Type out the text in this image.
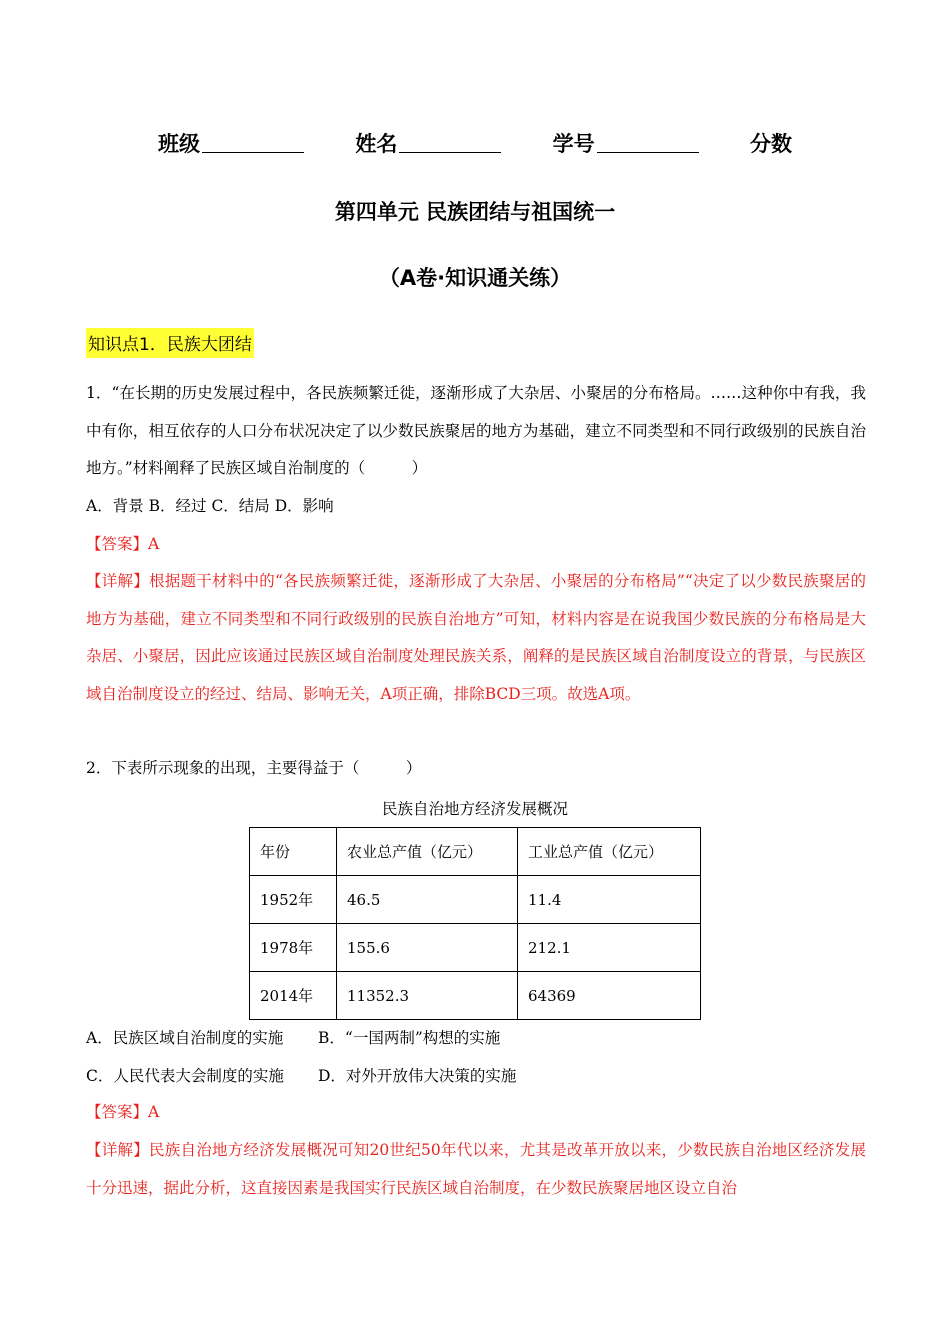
班级	姓名	学号	分数
第四单元 民族团结与祖国统一
（A卷·知识通关练）
知识点1．民族大团结
1．“在长期的历史发展过程中，各民族频繁迁徙，逐渐形成了大杂居、小聚居的分布格局。……这种你中有我，我中有你，相互依存的人口分布状况决定了以少数民族聚居的地方为基础，建立不同类型和不同行政级别的民族自治地方。”材料阐释了民族区域自治制度的（　　　）
A．背景 B．经过 C．结局 D．影响
【答案】A
【详解】根据题干材料中的“各民族频繁迁徙，逐渐形成了大杂居、小聚居的分布格局”“决定了以少数民族聚居的地方为基础，建立不同类型和不同行政级别的民族自治地方”可知，材料内容是在说我国少数民族的分布格局是大杂居、小聚居，因此应该通过民族区域自治制度处理民族关系，阐释的是民族区域自治制度设立的背景，与民族区域自治制度设立的经过、结局、影响无关，A项正确，排除BCD三项。故选A项。
2．下表所示现象的出现，主要得益于（　　　）
民族自治地方经济发展概况
年份	农业总产值（亿元）	工业总产值（亿元）
1952年	46.5	11.4
1978年	155.6	212.1
2014年	11352.3	64369
A．民族区域自治制度的实施 B．“一国两制”构想的实施
C．人民代表大会制度的实施 D．对外开放伟大决策的实施
【答案】A
【详解】民族自治地方经济发展概况可知20世纪50年代以来，尤其是改革开放以来，少数民族自治地区经济发展十分迅速，据此分析，这直接因素是我国实行民族区域自治制度，在少数民族聚居地区设立自治
